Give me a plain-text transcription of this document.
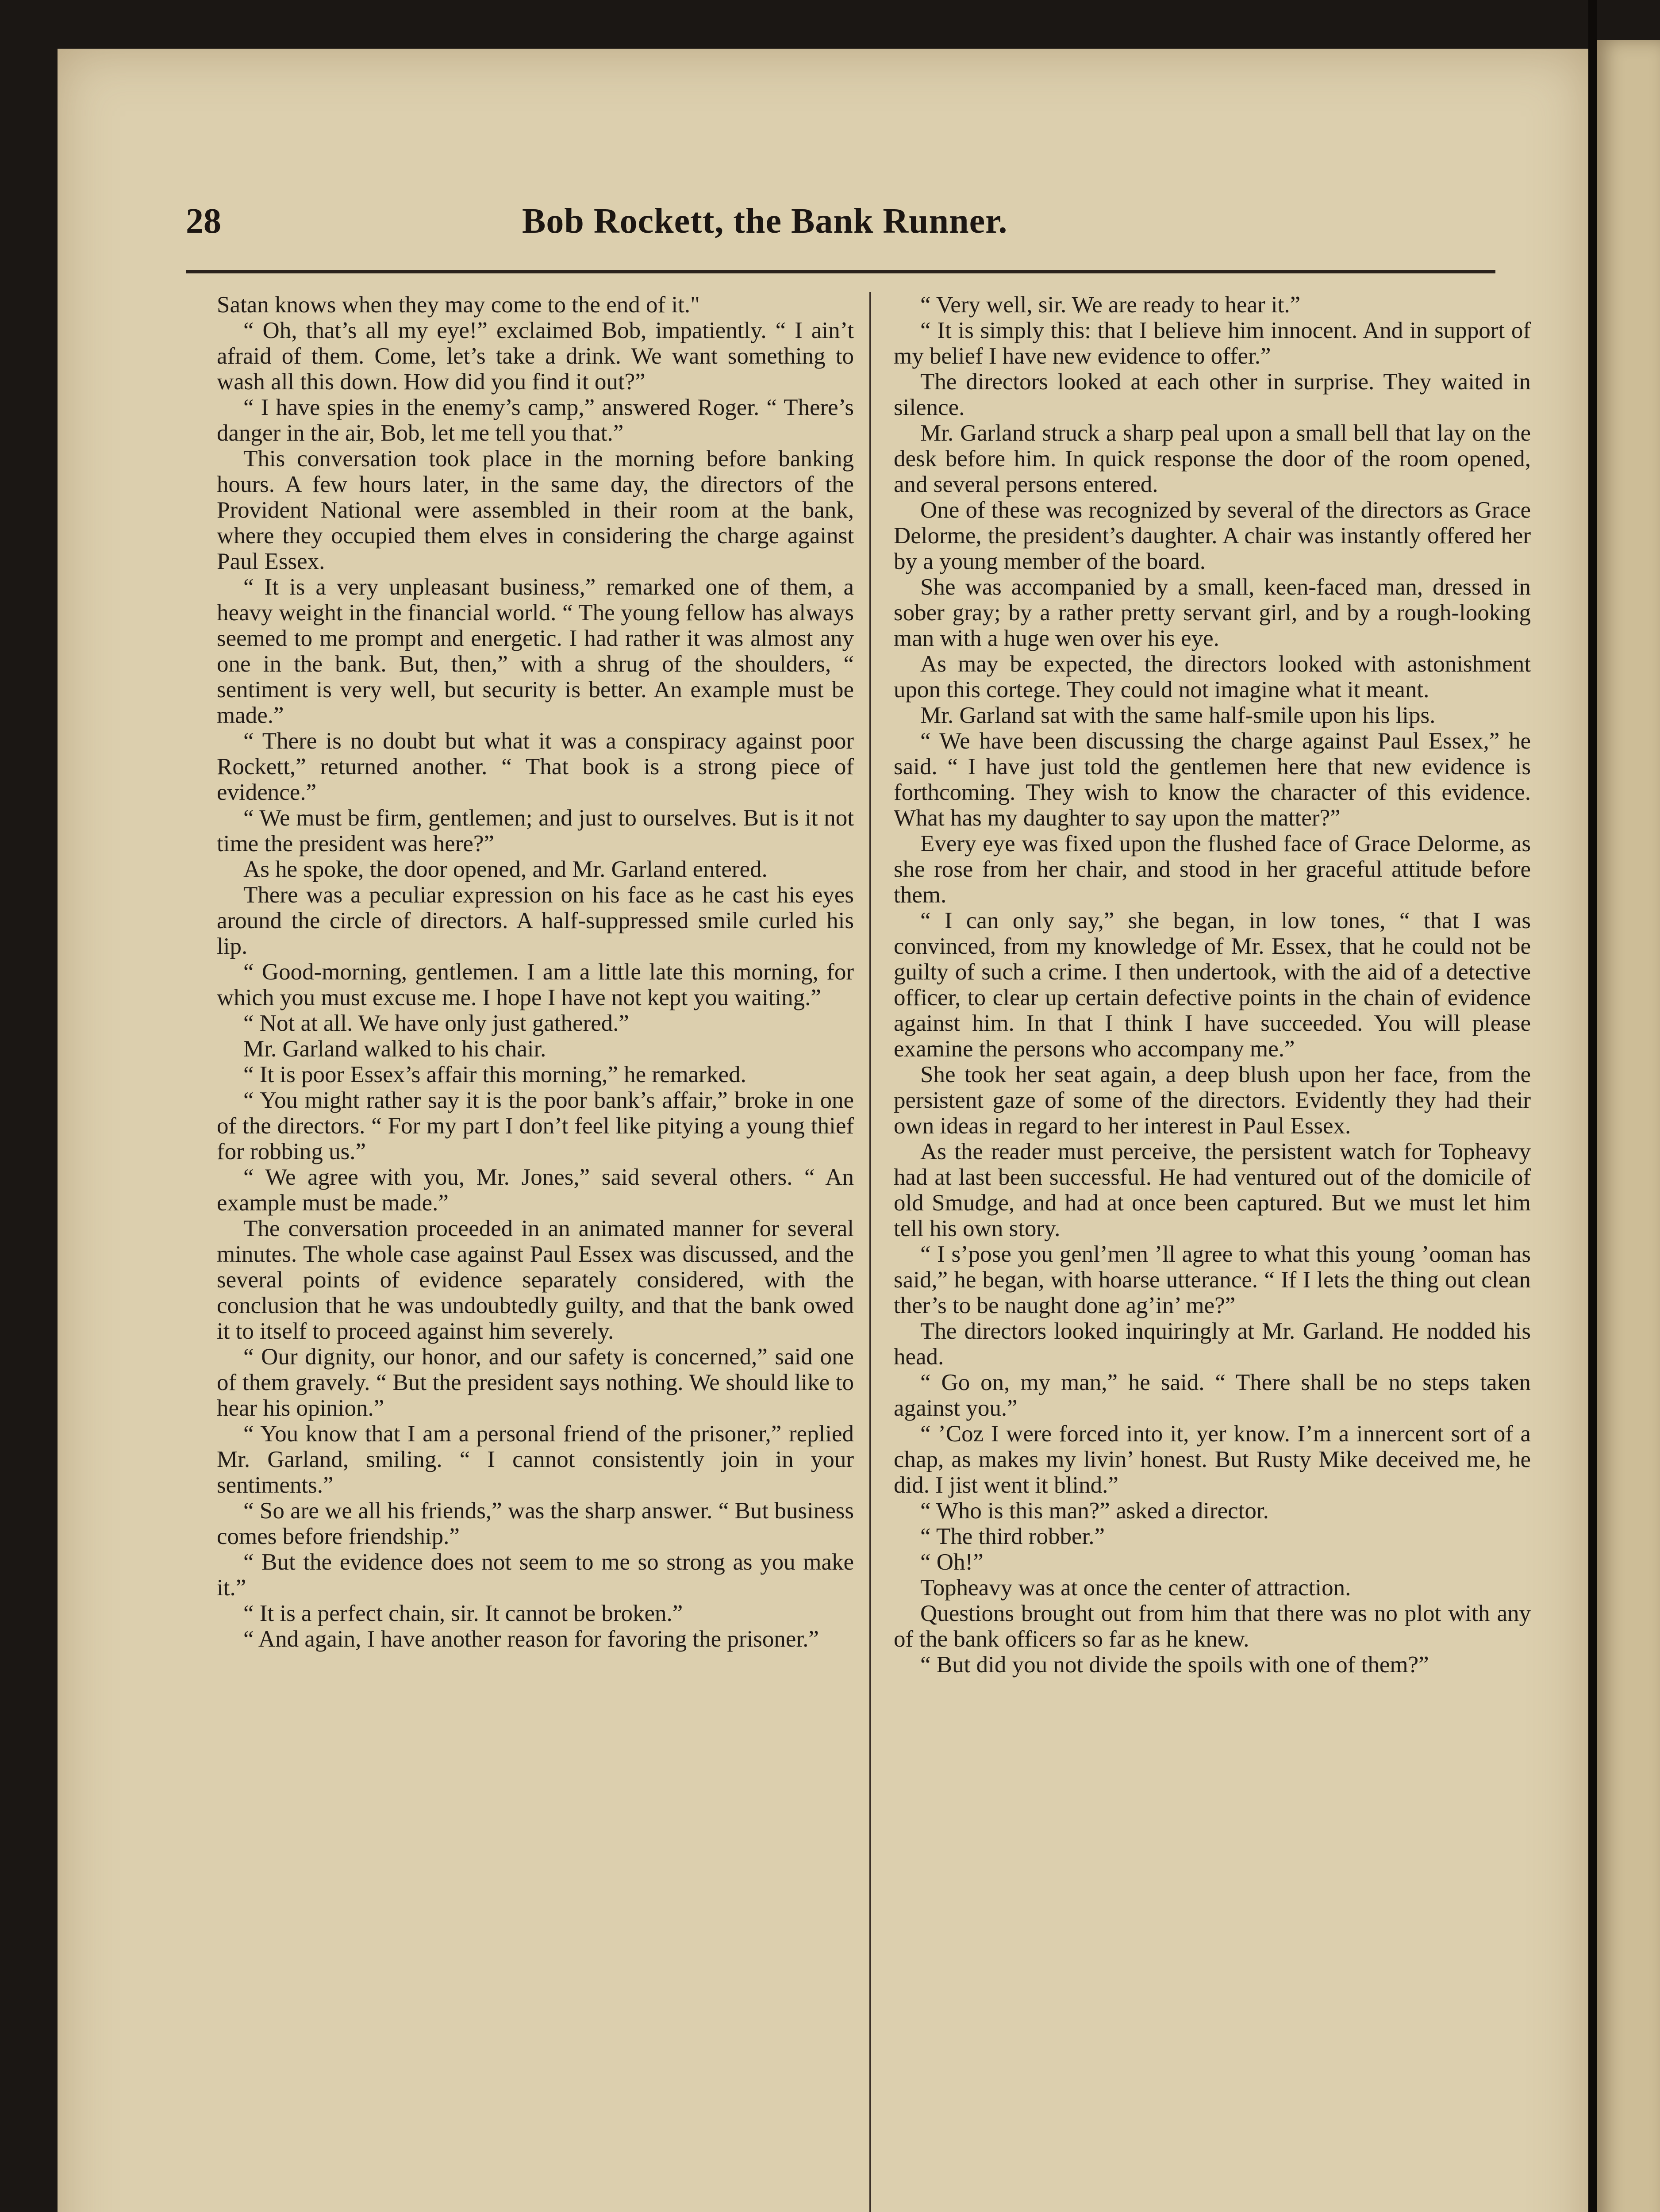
28	Bob Rockett, the Bank Runner.

Satan knows when they may come to the end of it."

“ Oh, that’s all my eye!” exclaimed Bob, impatiently. “ I ain’t afraid of them. Come, let’s take a drink. We want something to wash all this down. How did you find it out?”

“ I have spies in the enemy’s camp,” answered Roger. “ There’s danger in the air, Bob, let me tell you that.”

This conversation took place in the morning before banking hours. A few hours later, in the same day, the directors of the Provident National were assembled in their room at the bank, where they occupied them elves in considering the charge against Paul Essex.

“ It is a very unpleasant business,” remarked one of them, a heavy weight in the financial world. “ The young fellow has always seemed to me prompt and energetic. I had rather it was almost any one in the bank. But, then,” with a shrug of the shoulders, “ sentiment is very well, but security is better. An example must be made.”

“ There is no doubt but what it was a conspiracy against poor Rockett,” returned another. “ That book is a strong piece of evidence.”

“ We must be firm, gentlemen; and just to ourselves. But is it not time the president was here?”

As he spoke, the door opened, and Mr. Garland entered.

There was a peculiar expression on his face as he cast his eyes around the circle of directors. A half-suppressed smile curled his lip.

“ Good-morning, gentlemen. I am a little late this morning, for which you must excuse me. I hope I have not kept you waiting.”

“ Not at all. We have only just gathered.”

Mr. Garland walked to his chair.

“ It is poor Essex’s affair this morning,” he remarked.

“ You might rather say it is the poor bank’s affair,” broke in one of the directors. “ For my part I don’t feel like pitying a young thief for robbing us.”

“ We agree with you, Mr. Jones,” said several others. “ An example must be made.”

The conversation proceeded in an animated manner for several minutes. The whole case against Paul Essex was discussed, and the several points of evidence separately considered, with the conclusion that he was undoubtedly guilty, and that the bank owed it to itself to proceed against him severely.

“ Our dignity, our honor, and our safety is concerned,” said one of them gravely. “ But the president says nothing. We should like to hear his opinion.”

“ You know that I am a personal friend of the prisoner,” replied Mr. Garland, smiling. “ I cannot consistently join in your sentiments.”

“ So are we all his friends,” was the sharp answer. “ But business comes before friendship.”

“ But the evidence does not seem to me so strong as you make it.”

“ It is a perfect chain, sir. It cannot be broken.”

“ And again, I have another reason for favoring the prisoner.”

“ Very well, sir. We are ready to hear it.”

“ It is simply this: that I believe him innocent. And in support of my belief I have new evidence to offer.”

The directors looked at each other in surprise. They waited in silence.

Mr. Garland struck a sharp peal upon a small bell that lay on the desk before him. In quick response the door of the room opened, and several persons entered.

One of these was recognized by several of the directors as Grace Delorme, the president’s daughter. A chair was instantly offered her by a young member of the board.

She was accompanied by a small, keen-faced man, dressed in sober gray; by a rather pretty servant girl, and by a rough-looking man with a huge wen over his eye.

As may be expected, the directors looked with astonishment upon this cortege. They could not imagine what it meant.

Mr. Garland sat with the same half-smile upon his lips.

“ We have been discussing the charge against Paul Essex,” he said. “ I have just told the gentlemen here that new evidence is forthcoming. They wish to know the character of this evidence. What has my daughter to say upon the matter?”

Every eye was fixed upon the flushed face of Grace Delorme, as she rose from her chair, and stood in her graceful attitude before them.

“ I can only say,” she began, in low tones, “ that I was convinced, from my knowledge of Mr. Essex, that he could not be guilty of such a crime. I then undertook, with the aid of a detective officer, to clear up certain defective points in the chain of evidence against him. In that I think I have succeeded. You will please examine the persons who accompany me.”

She took her seat again, a deep blush upon her face, from the persistent gaze of some of the directors. Evidently they had their own ideas in regard to her interest in Paul Essex.

As the reader must perceive, the persistent watch for Topheavy had at last been successful. He had ventured out of the domicile of old Smudge, and had at once been captured. But we must let him tell his own story.

“ I s’pose you genl’men ’ll agree to what this young ’ooman has said,” he began, with hoarse utterance. “ If I lets the thing out clean ther’s to be naught done ag’in’ me?”

The directors looked inquiringly at Mr. Garland. He nodded his head.

“ Go on, my man,” he said. “ There shall be no steps taken against you.”

“ ’Coz I were forced into it, yer know. I’m a innercent sort of a chap, as makes my livin’ honest. But Rusty Mike deceived me, he did. I jist went it blind.”

“ Who is this man?” asked a director.

“ The third robber.”

“ Oh!”

Topheavy was at once the center of attraction.

Questions brought out from him that there was no plot with any of the bank officers so far as he knew.

“ But did you not divide the spoils with one of them?”
